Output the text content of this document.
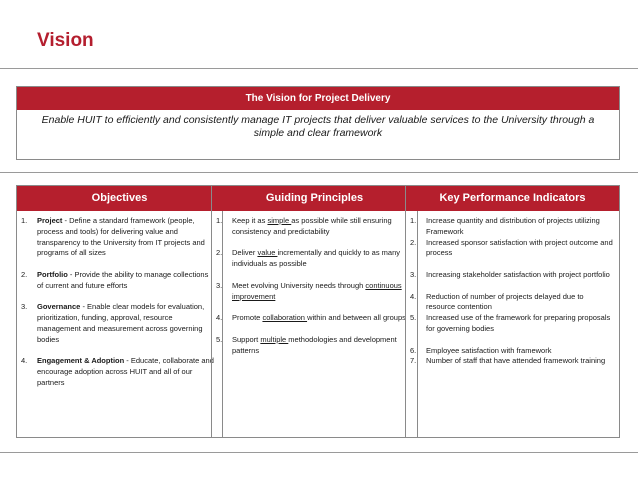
Vision
The Vision for Project Delivery
Enable HUIT to efficiently and consistently manage IT projects that deliver valuable services to the University through a simple and clear framework
Objectives
1.	Project - Define a standard framework (people, process and tools) for delivering value and transparency to the University from IT projects and programs of all sizes
2.	Portfolio - Provide the ability to manage collections of current and future efforts
3.	Governance - Enable clear models for evaluation, prioritization, funding, approval, resource management and measurement across governing bodies
4.	Engagement & Adoption - Educate, collaborate and encourage adoption across HUIT and all of our partners
Guiding Principles
1.	Keep it as simple as possible while still ensuring consistency and predictability
2.	Deliver value incrementally and quickly to as many individuals as possible
3.	Meet evolving University needs through continuous improvement
4.	Promote collaboration within and between all groups
5.	Support multiple methodologies and development patterns
Key Performance Indicators
1.	Increase quantity and distribution of projects utilizing Framework
2.	Increased sponsor satisfaction with project outcome and process
3.	Increasing stakeholder satisfaction with project portfolio
4.	Reduction of number of projects delayed due to resource contention
5.	Increased use of the framework for preparing proposals for governing bodies
6.	Employee satisfaction with framework
7.	Number of staff that have attended framework training
